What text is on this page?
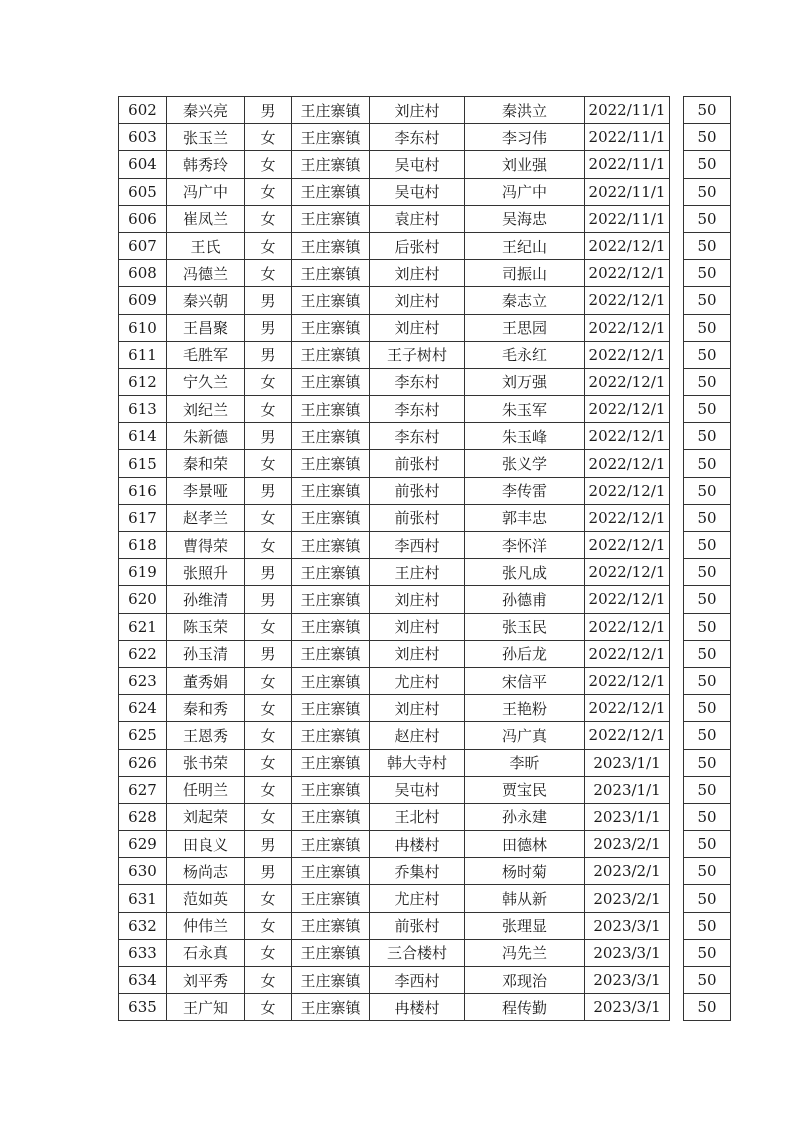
602	秦兴亮	男	王庄寨镇	刘庄村	秦洪立	2022/11/1		50
603	张玉兰	女	王庄寨镇	李东村	李习伟	2022/11/1		50
604	韩秀玲	女	王庄寨镇	吴屯村	刘业强	2022/11/1		50
605	冯广中	女	王庄寨镇	吴屯村	冯广中	2022/11/1		50
606	崔凤兰	女	王庄寨镇	袁庄村	吴海忠	2022/11/1		50
607	王氏	女	王庄寨镇	后张村	王纪山	2022/12/1		50
608	冯德兰	女	王庄寨镇	刘庄村	司振山	2022/12/1		50
609	秦兴朝	男	王庄寨镇	刘庄村	秦志立	2022/12/1		50
610	王昌聚	男	王庄寨镇	刘庄村	王思园	2022/12/1		50
611	毛胜军	男	王庄寨镇	王子树村	毛永红	2022/12/1		50
612	宁久兰	女	王庄寨镇	李东村	刘万强	2022/12/1		50
613	刘纪兰	女	王庄寨镇	李东村	朱玉军	2022/12/1		50
614	朱新德	男	王庄寨镇	李东村	朱玉峰	2022/12/1		50
615	秦和荣	女	王庄寨镇	前张村	张义学	2022/12/1		50
616	李景哑	男	王庄寨镇	前张村	李传雷	2022/12/1		50
617	赵孝兰	女	王庄寨镇	前张村	郭丰忠	2022/12/1		50
618	曹得荣	女	王庄寨镇	李西村	李怀洋	2022/12/1		50
619	张照升	男	王庄寨镇	王庄村	张凡成	2022/12/1		50
620	孙维清	男	王庄寨镇	刘庄村	孙德甫	2022/12/1		50
621	陈玉荣	女	王庄寨镇	刘庄村	张玉民	2022/12/1		50
622	孙玉清	男	王庄寨镇	刘庄村	孙后龙	2022/12/1		50
623	董秀娟	女	王庄寨镇	尤庄村	宋信平	2022/12/1		50
624	秦和秀	女	王庄寨镇	刘庄村	王艳粉	2022/12/1		50
625	王恩秀	女	王庄寨镇	赵庄村	冯广真	2022/12/1		50
626	张书荣	女	王庄寨镇	韩大寺村	李昕	2023/1/1		50
627	任明兰	女	王庄寨镇	吴屯村	贾宝民	2023/1/1		50
628	刘起荣	女	王庄寨镇	王北村	孙永建	2023/1/1		50
629	田良义	男	王庄寨镇	冉楼村	田德林	2023/2/1		50
630	杨尚志	男	王庄寨镇	乔集村	杨时菊	2023/2/1		50
631	范如英	女	王庄寨镇	尤庄村	韩从新	2023/2/1		50
632	仲伟兰	女	王庄寨镇	前张村	张理显	2023/3/1		50
633	石永真	女	王庄寨镇	三合楼村	冯先兰	2023/3/1		50
634	刘平秀	女	王庄寨镇	李西村	邓现治	2023/3/1		50
635	王广知	女	王庄寨镇	冉楼村	程传勤	2023/3/1		50
